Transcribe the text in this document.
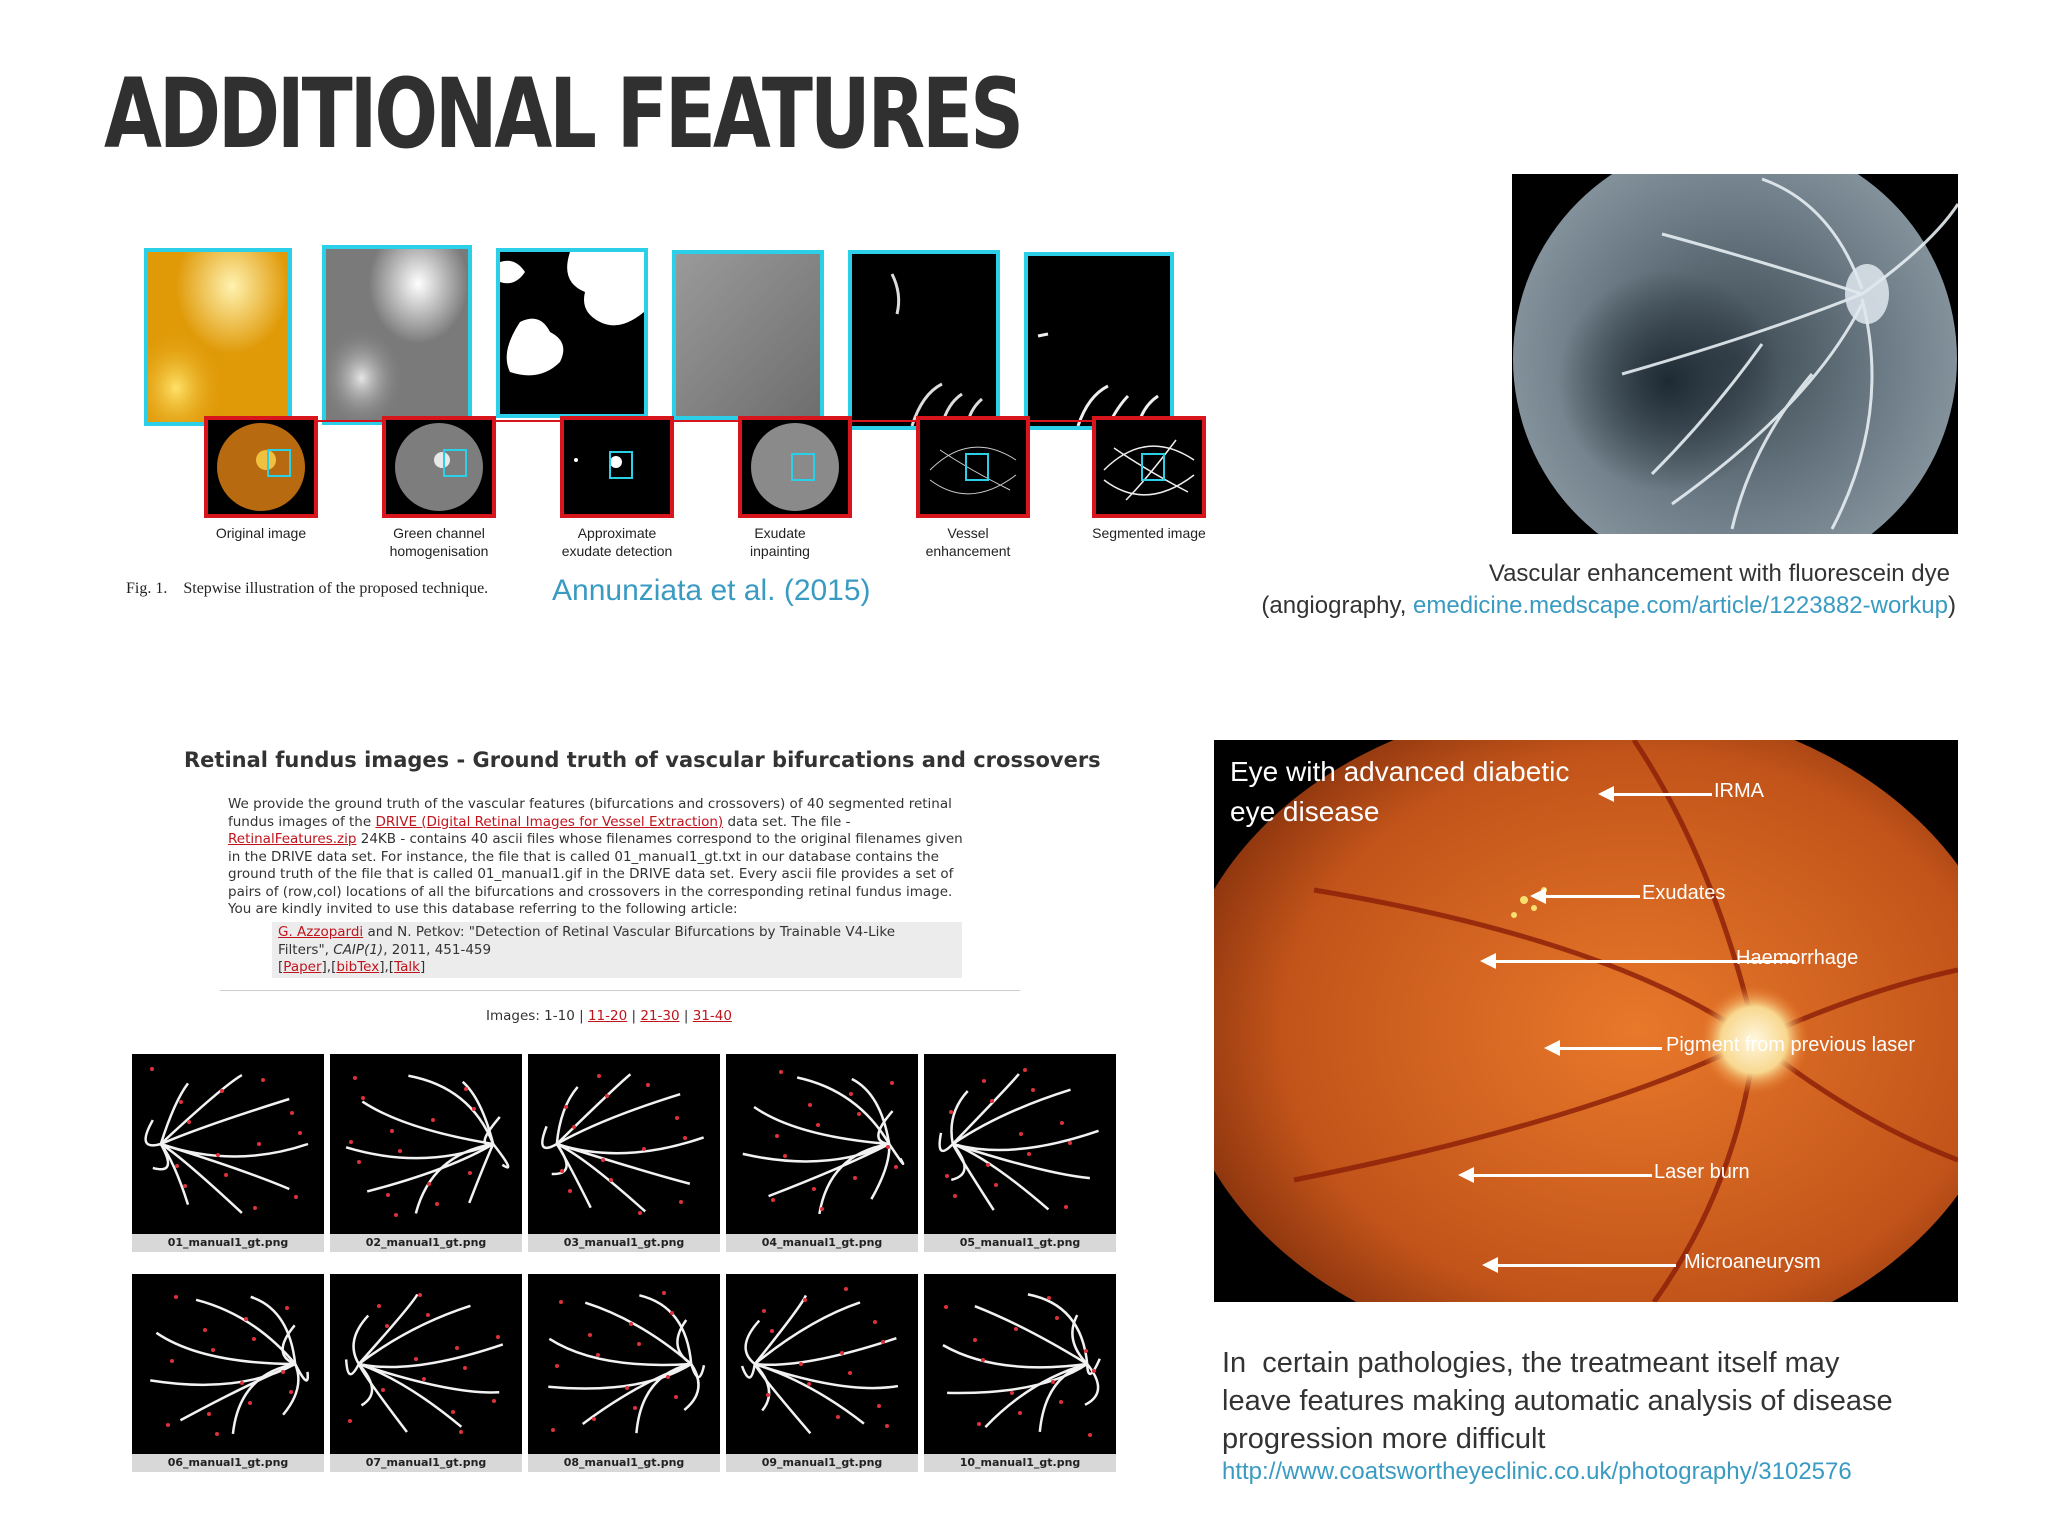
ADDITIONAL FEATURES
Original image	Green channel homogenisation
Approximate exudate detection
Exudate inpainting
Vessel enhancement
Segmented image
Fig. 1.    Stepwise illustration of the proposed technique. Annunziata et al. (2015)
Vascular enhancement with fluorescein dye
(angiography, emedicine.medscape.com/article/1223882-workup)
Retinal fundus images - Ground truth of vascular bifurcations and crossovers
We provide the ground truth of the vascular features (bifurcations and crossovers) of 40 segmented retinal
fundus images of the DRIVE (Digital Retinal Images for Vessel Extraction) data set. The file -
RetinalFeatures.zip 24KB - contains 40 ascii files whose filenames correspond to the original filenames given
in the DRIVE data set. For instance, the file that is called 01_manual1_gt.txt in our database contains the
ground truth of the file that is called 01_manual1.gif in the DRIVE data set. Every ascii file provides a set of
pairs of (row,col) locations of all the bifurcations and crossovers in the corresponding retinal fundus image.
You are kindly invited to use this database referring to the following article:
G. Azzopardi and N. Petkov: "Detection of Retinal Vascular Bifurcations by Trainable V4-Like
Filters", CAIP(1), 2011, 451-459
[Paper],[bibTex],[Talk]
Images: 1-10 | 11-20 | 21-30 | 31-40
01_manual1_gt.png	02_manual1_gt.png	03_manual1_gt.png	04_manual1_gt.png	05_manual1_gt.png
06_manual1_gt.png	07_manual1_gt.png	08_manual1_gt.png	09_manual1_gt.png	10_manual1_gt.png
Eye with advanced diabetic
eye disease
IRMA
Exudates
Haemorrhage
Pigment from previous laser
Laser burn
Microaneurysm
In  certain pathologies, the treatmeant itself may
leave features making automatic analysis of disease
progression more difficult
http://www.coatswortheyeclinic.co.uk/photography/3102576
